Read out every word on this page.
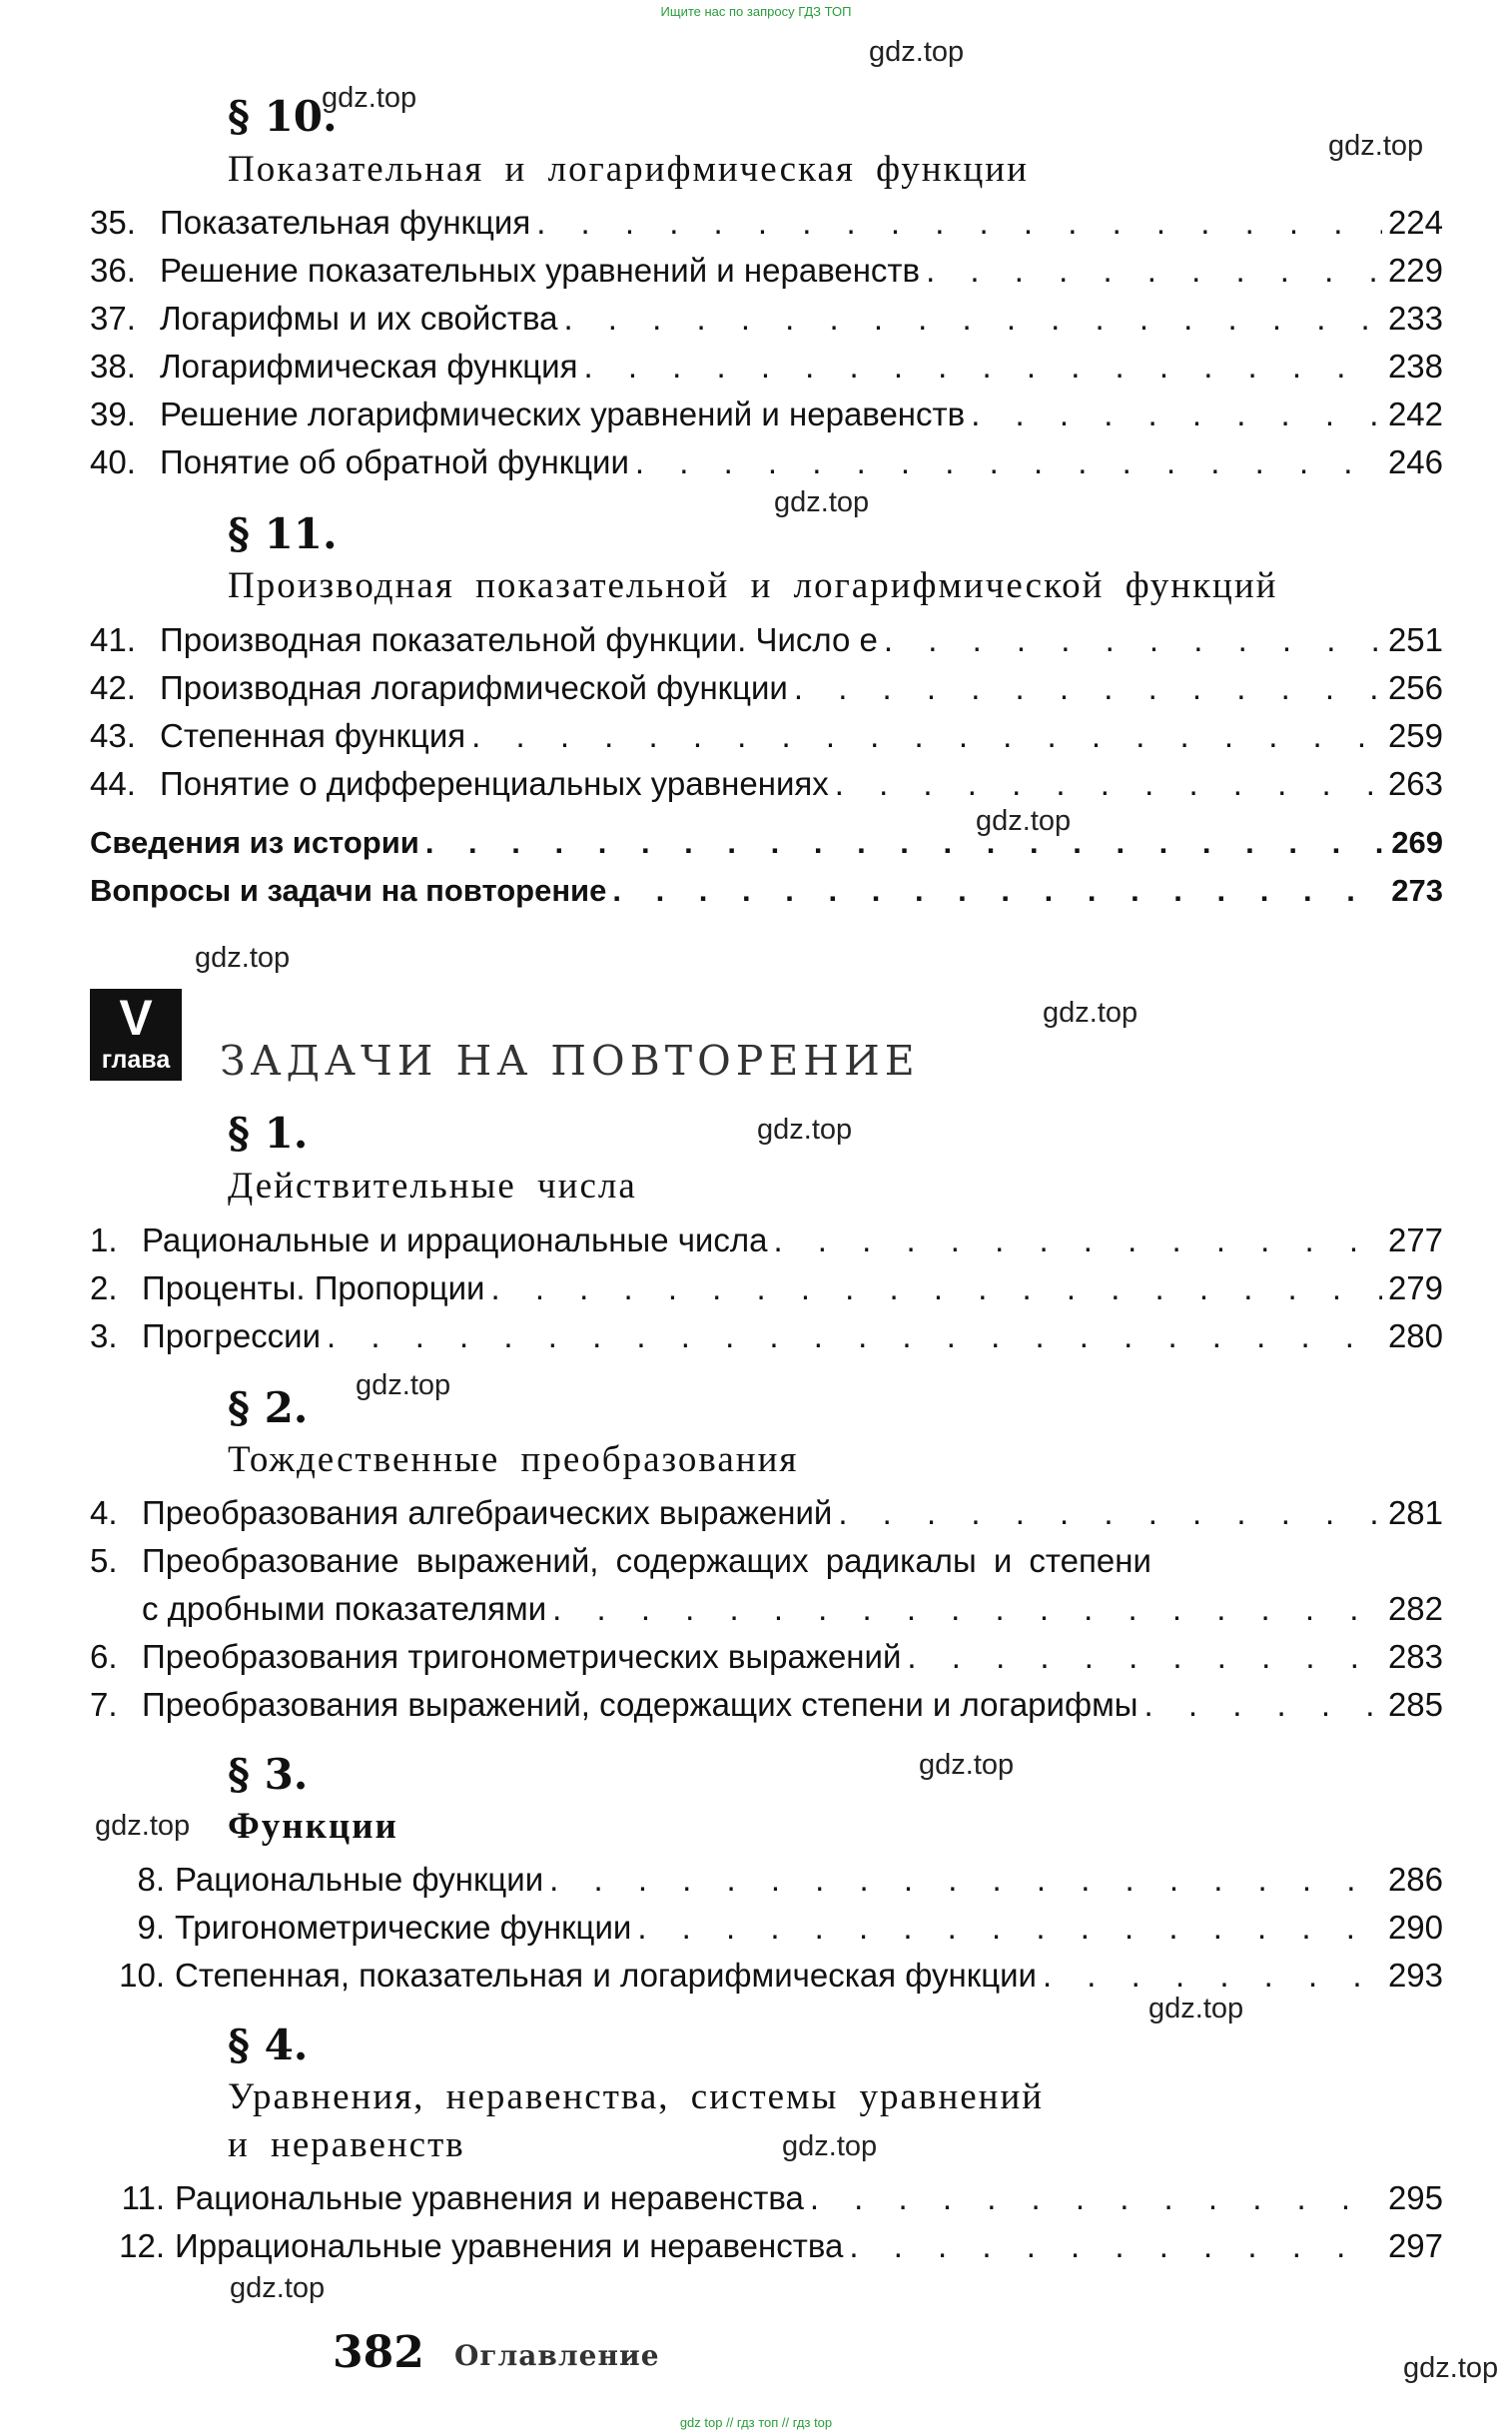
Ищите нас по запросу ГДЗ ТОП
gdz.top
gdz.top
gdz.top
gdz.top
gdz.top
gdz.top
gdz.top
gdz.top
gdz.top
gdz.top
gdz.top
gdz.top
gdz.top
gdz.top
gdz.top
§ 10.
Показательная и логарифмическая функции
35. Показательная функция . . .	224
36. Решение показательных уравнений и неравенств . . .	229
37. Логарифмы и их свойства . . .	233
38. Логарифмическая функция . . .	238
39. Решение логарифмических уравнений и неравенств . . .	242
40. Понятие об обратной функции . . .	246
§ 11.
Производная показательной и логарифмической функций
41. Производная показательной функции. Число е . . .	251
42. Производная логарифмической функции . . .	256
43. Степенная функция . . .	259
44. Понятие о дифференциальных уравнениях . . .	263
Сведения из истории . . .	269
Вопросы и задачи на повторение . . .	273
V
глава ЗАДАЧИ НА ПОВТОРЕНИЕ
§ 1.
Действительные числа
1. Рациональные и иррациональные числа . . .	277
2. Проценты. Пропорции . . .	279
3. Прогрессии . . .	280
§ 2.
Тождественные преобразования
4. Преобразования алгебраических выражений . . .	281
5. Преобразование выражений, содержащих радикалы и степени
с дробными показателями . . .	282
6. Преобразования тригонометрических выражений . . .	283
7. Преобразования выражений, содержащих степени и логарифмы . . .	285
§ 3.
Функции
8. Рациональные функции . . .	286
9. Тригонометрические функции . . .	290
10. Степенная, показательная и логарифмическая функции . . .	293
§ 4.
Уравнения, неравенства, системы уравнений
и неравенств
11. Рациональные уравнения и неравенства . . .	295
12. Иррациональные уравнения и неравенства . . .	297
382 Оглавление
gdz top // гдз топ // гдз top
